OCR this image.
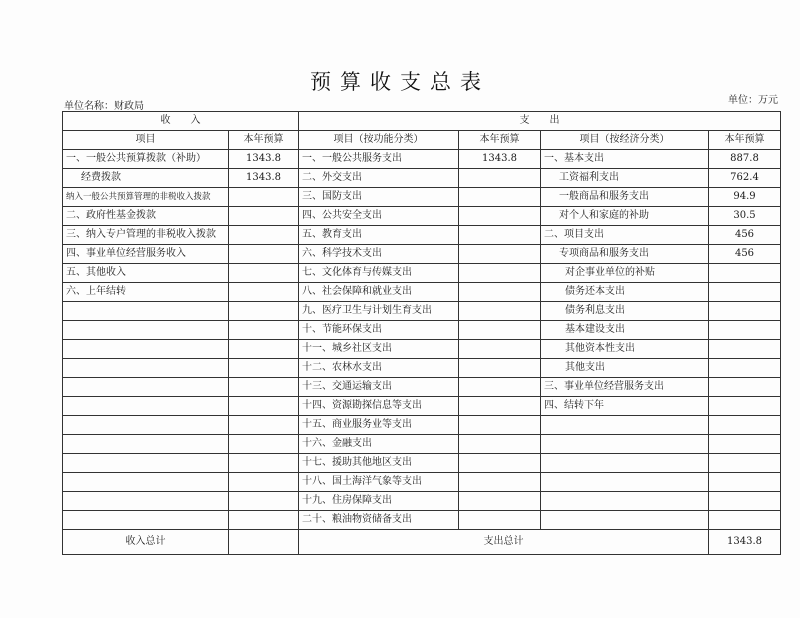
预算收支总表
单位名称：财政局
单位：万元
收　　入		支　　出			
项目	本年预算	项目（按功能分类）	本年预算	项目（按经济分类）	本年预算
一、一般公共预算拨款（补助）	1343.8	一、一般公共服务支出	1343.8	一、基本支出	887.8
经费拨款	1343.8	二、外交支出		工资福利支出	762.4
纳入一般公共预算管理的非税收入拨款		三、国防支出		一般商品和服务支出	94.9
二、政府性基金拨款		四、公共安全支出		对个人和家庭的补助	30.5
三、纳入专户管理的非税收入拨款		五、教育支出		二、项目支出	456
四、事业单位经营服务收入		六、科学技术支出		专项商品和服务支出	456
五、其他收入		七、文化体育与传媒支出		对企事业单位的补贴	
六、上年结转		八、社会保障和就业支出		债务还本支出	
		九、医疗卫生与计划生育支出		债务利息支出	
		十、节能环保支出		基本建设支出	
		十一、城乡社区支出		其他资本性支出	
		十二、农林水支出		其他支出	
		十三、交通运输支出		三、事业单位经营服务支出	
		十四、资源勘探信息等支出		四、结转下年	
		十五、商业服务业等支出			
		十六、金融支出			
		十七、援助其他地区支出			
		十八、国土海洋气象等支出			
		十九、住房保障支出			
		二十、粮油物资储备支出			
收入总计		支出总计			1343.8
